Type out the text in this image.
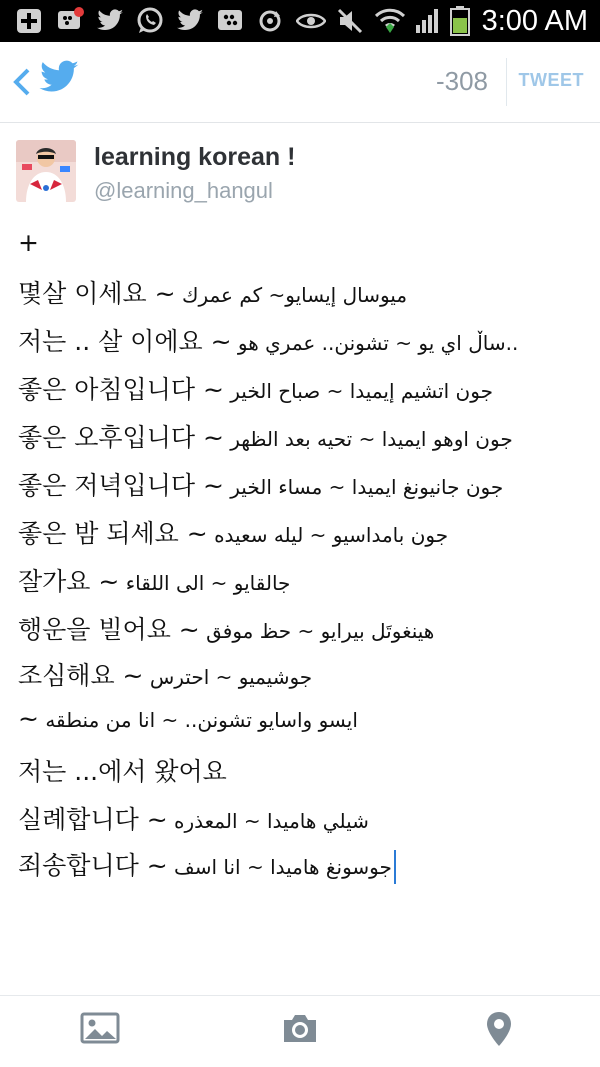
3:00 AM
-308 TWEET
learning korean !
@learning_hangul
+
몇살 이세요 ~ ميوسال إيسايو~ كم عمرك
저는 .. 살 이에요 ~ ساڵ اي يو ~ تشونن.. عمري هو..
좋은 아침입니다 ~ جون اتشيم إيميدا ~ صباح الخير
좋은 오후입니다 ~ جون اوهو ايميدا ~ تحيه بعد الظهر
좋은 저녁입니다 ~ جون جانيونغ ايميدا ~ مساء الخير
좋은 밤 되세요 ~ جون بامداسيو ~ ليله سعيده
잘가요 ~ جالقايو ~ الى اللقاء
행운을 빌어요 ~ هينغوتَل بيرايو ~ حظ موفق
조심해요 ~ جوشيميو ~ احترس
~ ايسو واسايو تشونن.. ~ انا من منطقه
저는 ...에서 왔어요
실례합니다 ~ شيلي هاميدا ~ المعذره
죄송합니다 ~ جوسونغ هاميدا ~ انا اسف
